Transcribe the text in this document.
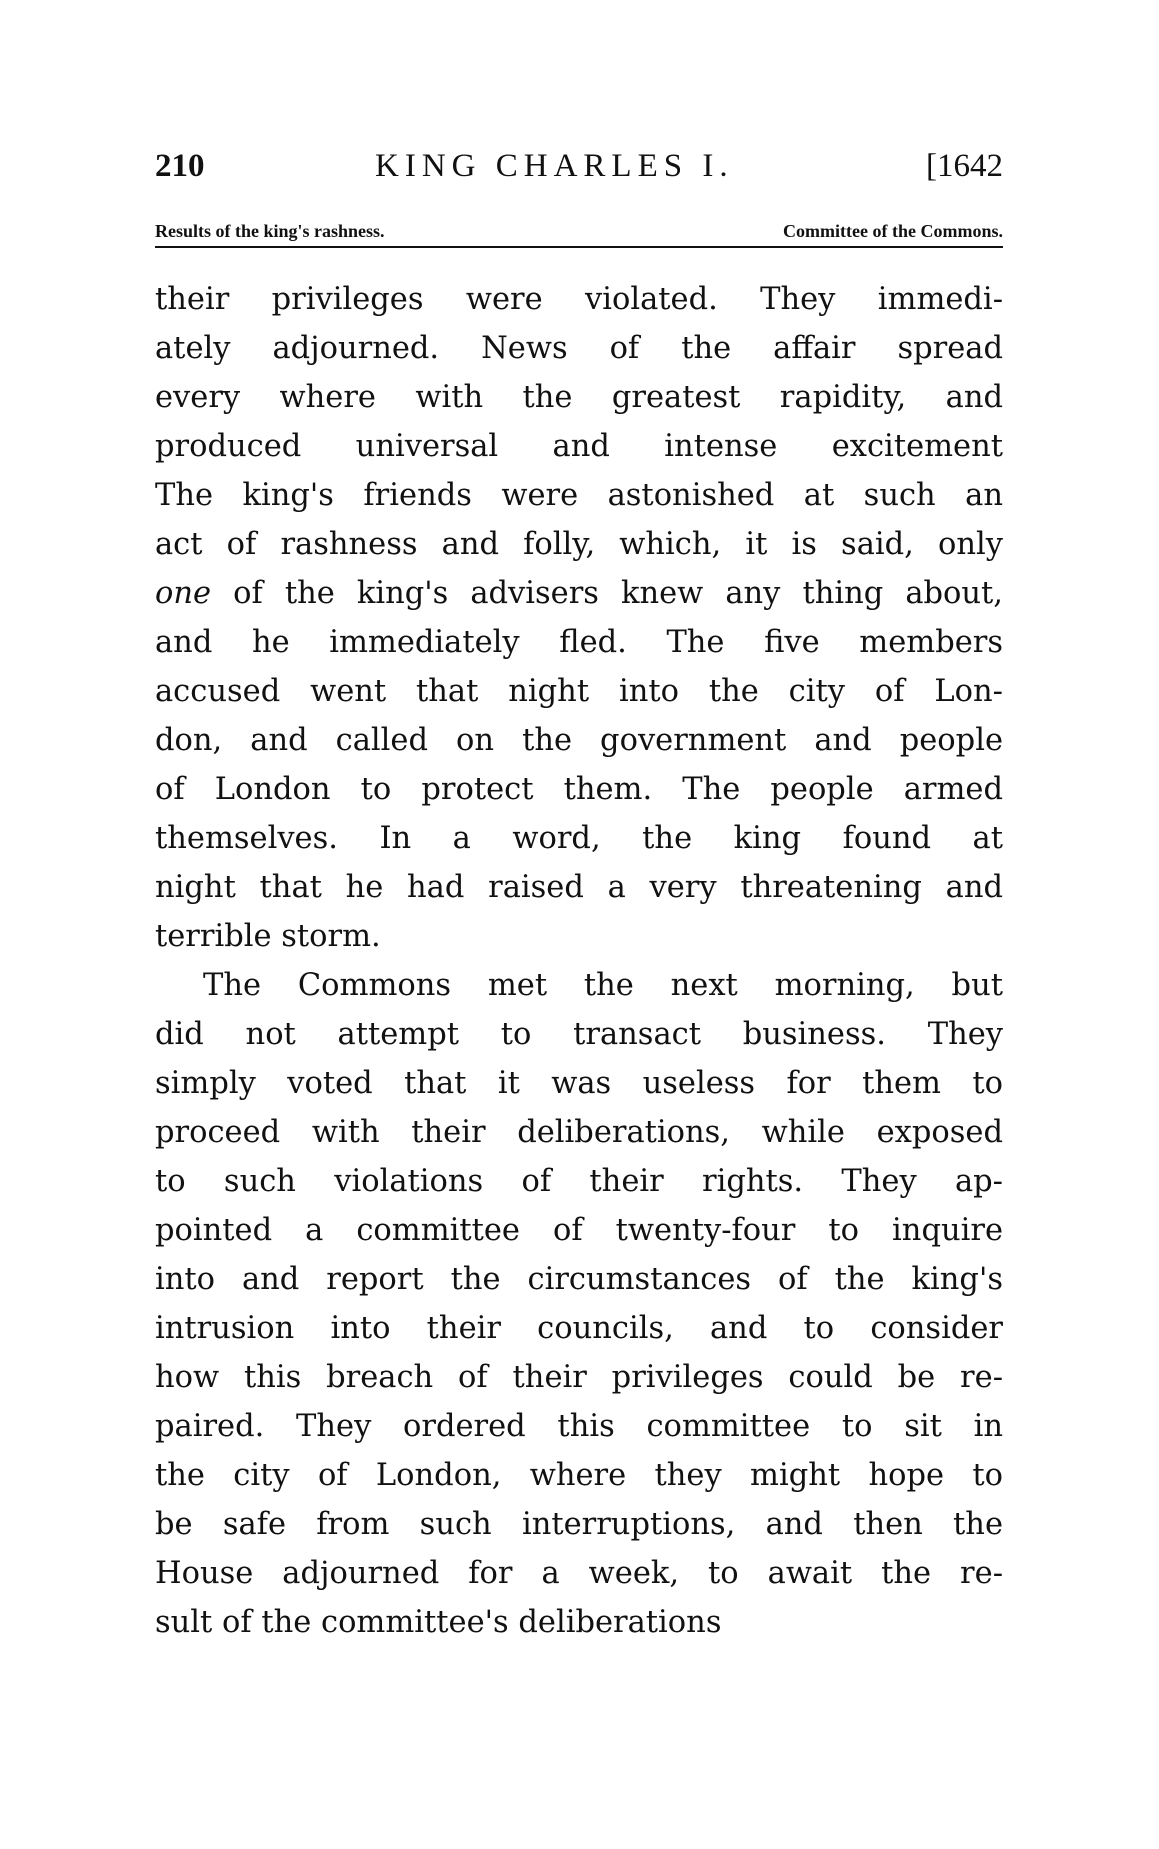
210	KING CHARLES I.	[1642
Results of the king's rashness.	Committee of the Commons.

their privileges were violated. They immedi-
ately adjourned. News of the affair spread
every where with the greatest rapidity, and
produced universal and intense excitement
The king's friends were astonished at such an
act of rashness and folly, which, it is said, only
one of the king's advisers knew any thing about,
and he immediately fled. The five members
accused went that night into the city of Lon-
don, and called on the government and people
of London to protect them. The people armed
themselves. In a word, the king found at
night that he had raised a very threatening and
terrible storm.

The Commons met the next morning, but
did not attempt to transact business. They
simply voted that it was useless for them to
proceed with their deliberations, while exposed
to such violations of their rights. They ap-
pointed a committee of twenty-four to inquire
into and report the circumstances of the king's
intrusion into their councils, and to consider
how this breach of their privileges could be re-
paired. They ordered this committee to sit in
the city of London, where they might hope to
be safe from such interruptions, and then the
House adjourned for a week, to await the re-
sult of the committee's deliberations
